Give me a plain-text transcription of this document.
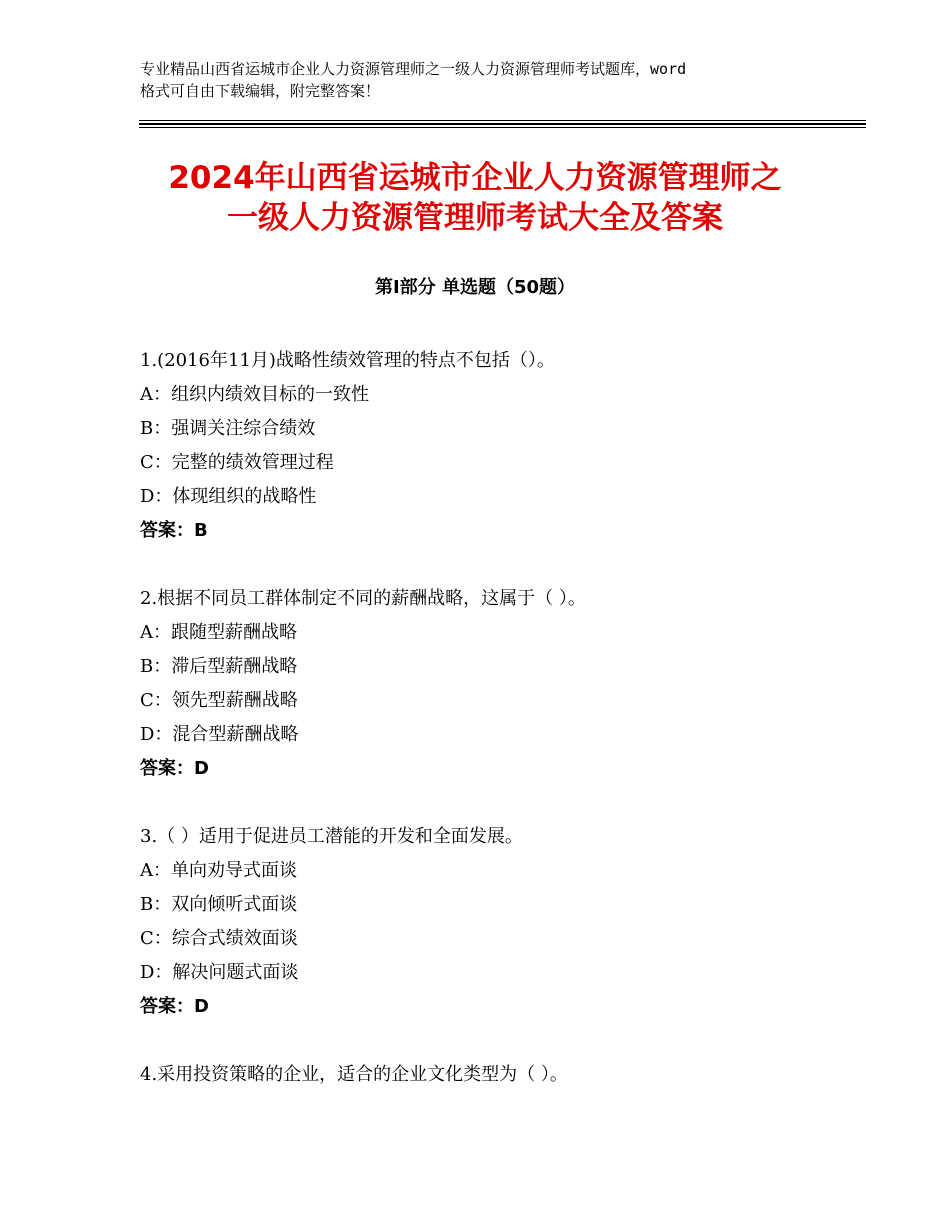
专业精品山西省运城市企业人力资源管理师之一级人力资源管理师考试题库，word
格式可自由下载编辑，附完整答案！
2024年山西省运城市企业人力资源管理师之
一级人力资源管理师考试大全及答案
第Ⅰ部分 单选题（50题）
1.(2016年11月)战略性绩效管理的特点不包括（）。
A：组织内绩效目标的一致性
B：强调关注综合绩效
C：完整的绩效管理过程
D：体现组织的战略性
答案：B
2.根据不同员工群体制定不同的薪酬战略，这属于（ ）。
A：跟随型薪酬战略
B：滞后型薪酬战略
C：领先型薪酬战略
D：混合型薪酬战略
答案：D
3.（ ）适用于促进员工潜能的开发和全面发展。
A：单向劝导式面谈
B：双向倾听式面谈
C：综合式绩效面谈
D：解决问题式面谈
答案：D
4.采用投资策略的企业，适合的企业文化类型为（ ）。
